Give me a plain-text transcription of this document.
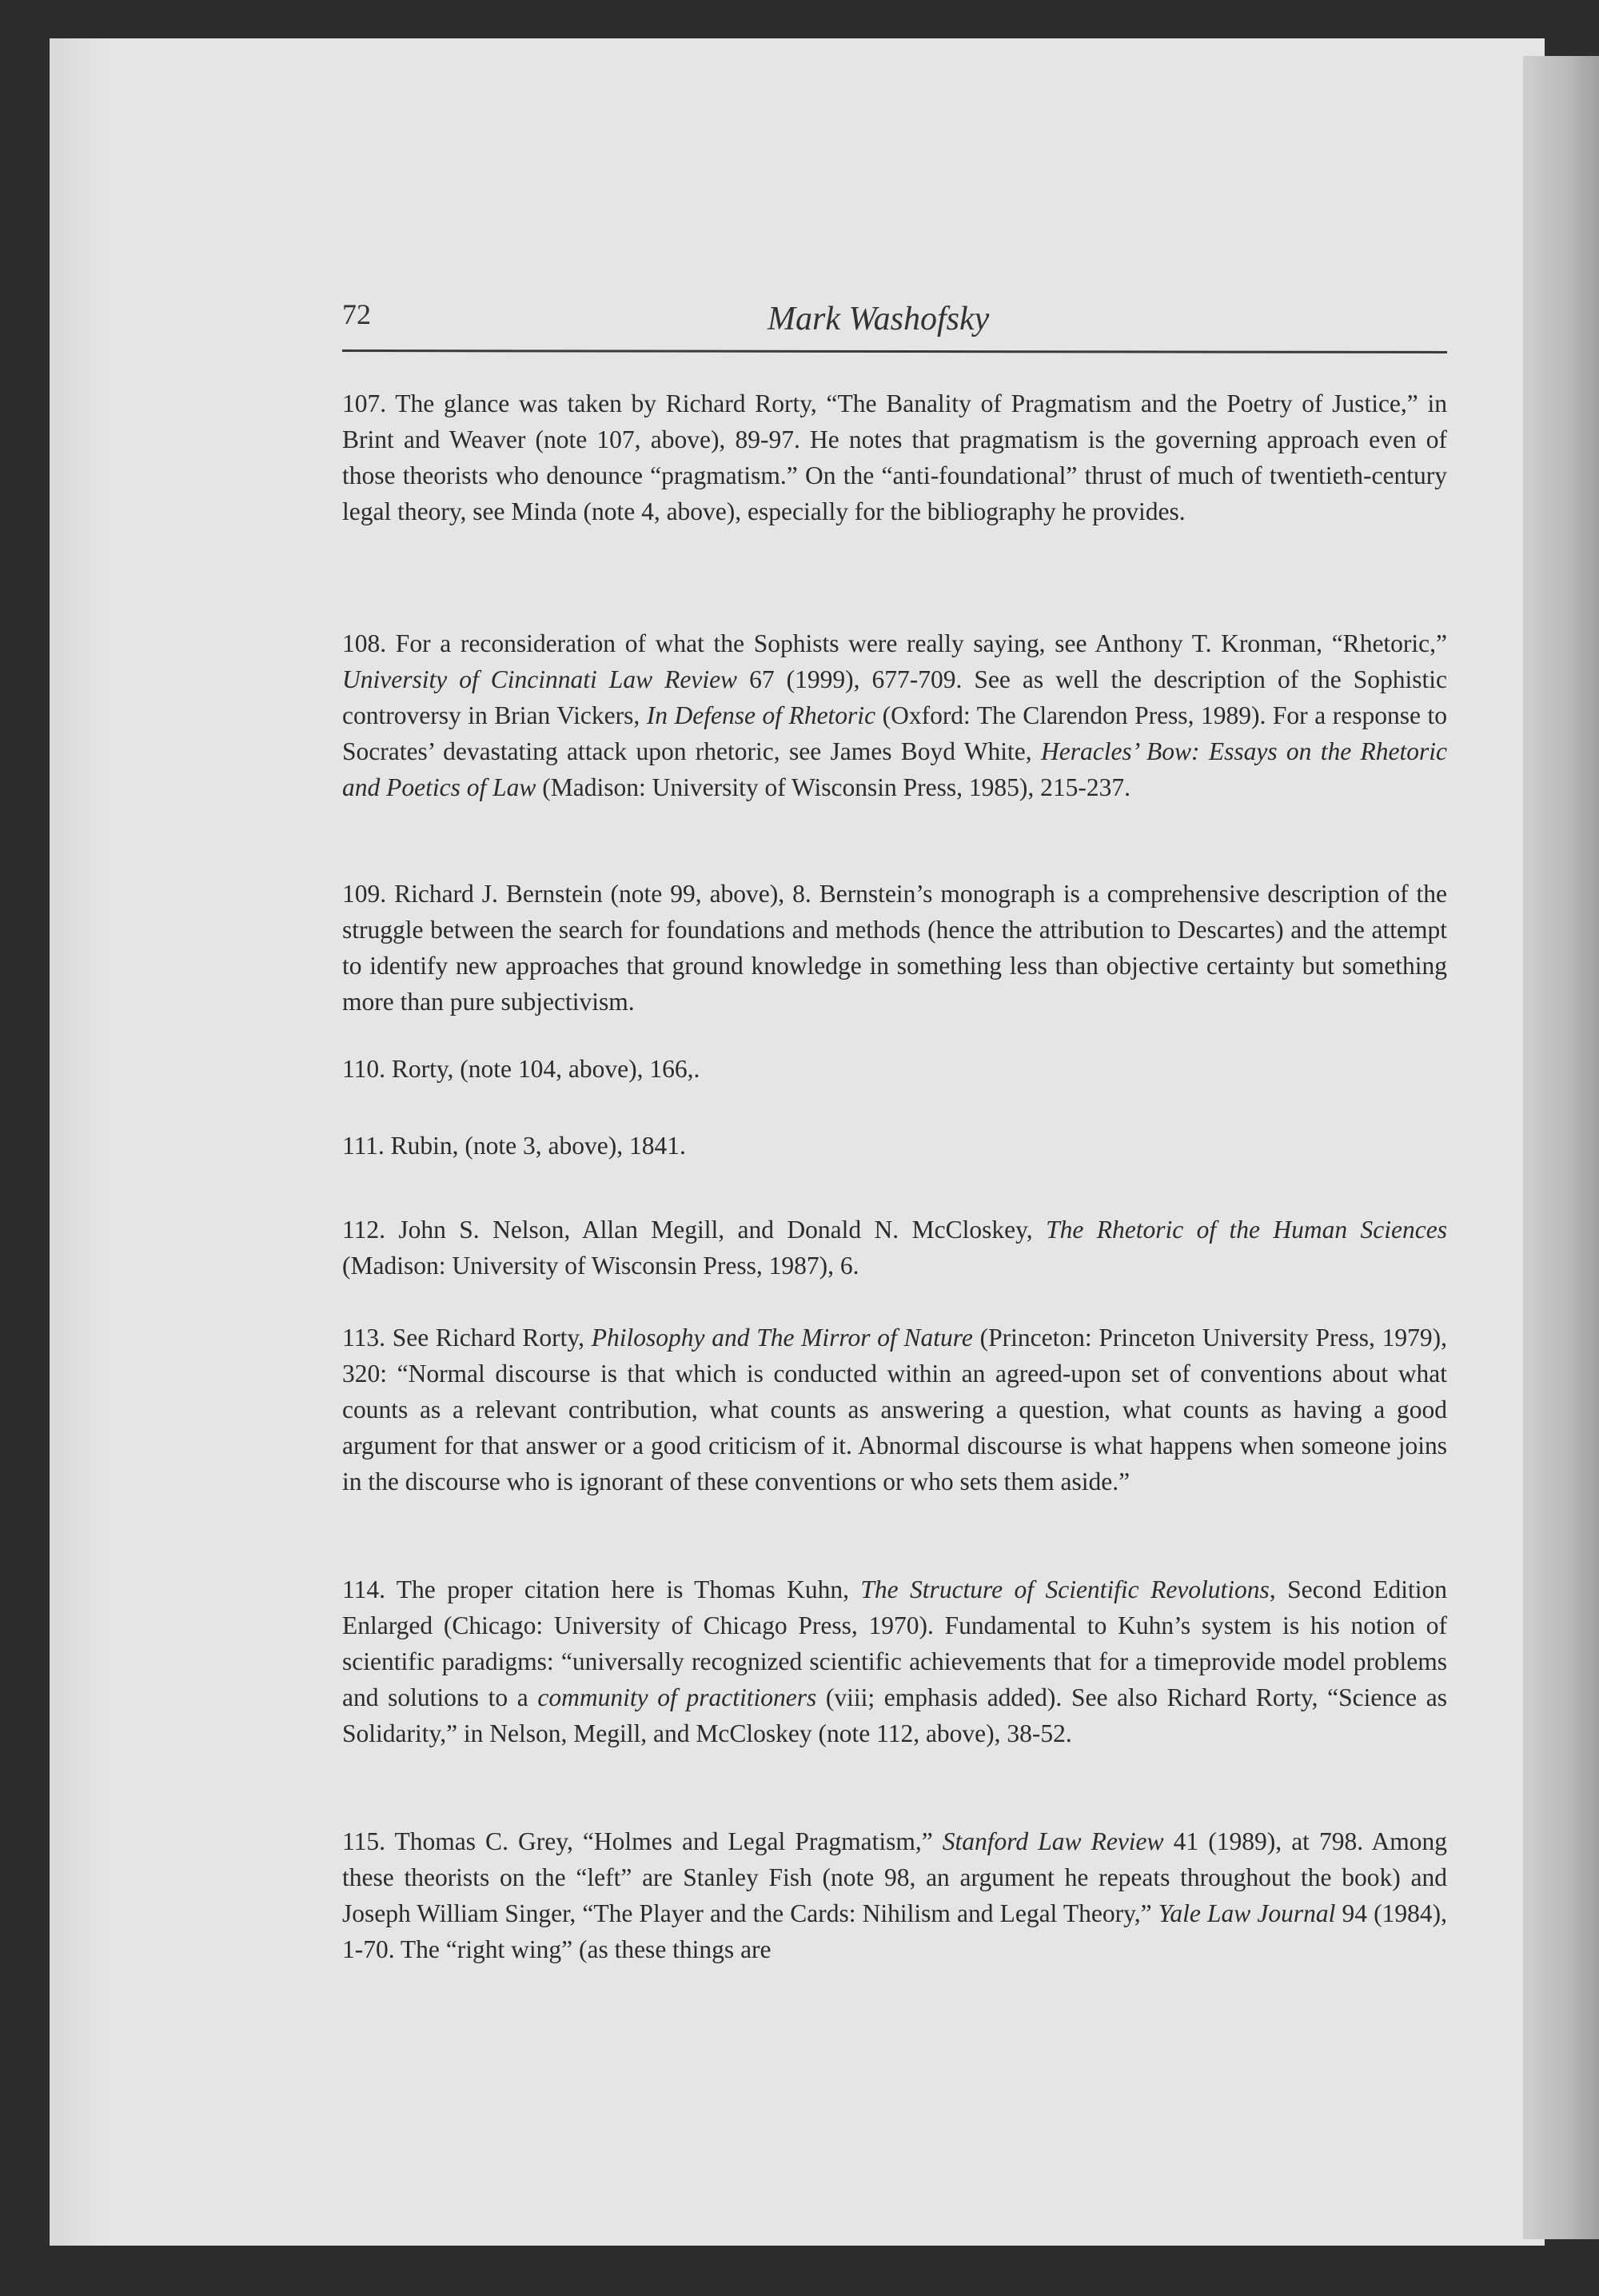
72	Mark Washofsky
107. The glance was taken by Richard Rorty, “The Banality of Pragmatism and the Poetry of Justice,” in Brint and Weaver (note 107, above), 89-97. He notes that pragmatism is the governing approach even of those theorists who denounce “pragmatism.” On the “anti-foundational” thrust of much of twentieth-century legal theory, see Minda (note 4, above), especially for the bibliography he provides.
108. For a reconsideration of what the Sophists were really saying, see Anthony T. Kronman, “Rhetoric,” University of Cincinnati Law Review 67 (1999), 677-709. See as well the description of the Sophistic controversy in Brian Vickers, In Defense of Rhetoric (Oxford: The Clarendon Press, 1989). For a response to Socrates’ devastating attack upon rhetoric, see James Boyd White, Heracles’ Bow: Essays on the Rhetoric and Poetics of Law (Madison: University of Wisconsin Press, 1985), 215-237.
109. Richard J. Bernstein (note 99, above), 8. Bernstein’s monograph is a comprehensive description of the struggle between the search for foundations and methods (hence the attribution to Descartes) and the attempt to identify new approaches that ground knowledge in something less than objective certainty but something more than pure subjectivism.
110. Rorty, (note 104, above), 166,.
111. Rubin, (note 3, above), 1841.
112. John S. Nelson, Allan Megill, and Donald N. McCloskey, The Rhetoric of the Human Sciences (Madison: University of Wisconsin Press, 1987), 6.
113. See Richard Rorty, Philosophy and The Mirror of Nature (Princeton: Princeton University Press, 1979), 320: “Normal discourse is that which is conducted within an agreed-upon set of conventions about what counts as a relevant contribution, what counts as answering a question, what counts as having a good argument for that answer or a good criticism of it. Abnormal discourse is what happens when someone joins in the discourse who is ignorant of these conventions or who sets them aside.”
114. The proper citation here is Thomas Kuhn, The Structure of Scientific Revolutions, Second Edition Enlarged (Chicago: University of Chicago Press, 1970). Fundamental to Kuhn’s system is his notion of scientific paradigms: “universally recognized scientific achievements that for a timeprovide model problems and solutions to a community of practitioners (viii; emphasis added). See also Richard Rorty, “Science as Solidarity,” in Nelson, Megill, and McCloskey (note 112, above), 38-52.
115. Thomas C. Grey, “Holmes and Legal Pragmatism,” Stanford Law Review 41 (1989), at 798. Among these theorists on the “left” are Stanley Fish (note 98, an argument he repeats throughout the book) and Joseph William Singer, “The Player and the Cards: Nihilism and Legal Theory,” Yale Law Journal 94 (1984), 1-70. The “right wing” (as these things are
